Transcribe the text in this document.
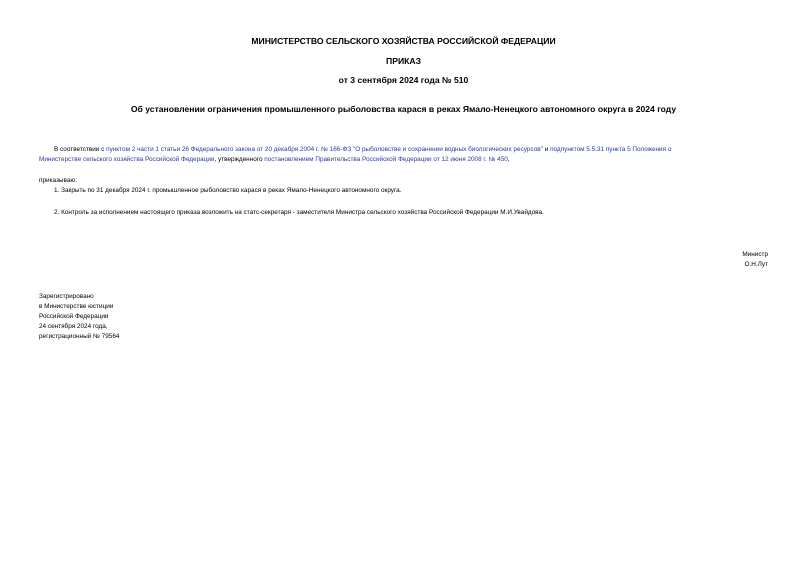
МИНИСТЕРСТВО СЕЛЬСКОГО ХОЗЯЙСТВА РОССИЙСКОЙ ФЕДЕРАЦИИ
ПРИКАЗ
от 3 сентября 2024 года № 510
Об установлении ограничения промышленного рыболовства карася в реках Ямало-Ненецкого автономного округа в 2024 году
В соответствии с пунктом 2 части 1 статьи 26 Федерального закона от 20 декабря 2004 г. № 166-ФЗ "О рыболовстве и сохранении водных биологических ресурсов" и подпунктом 5.5.31 пункта 5 Положения о
Министерстве сельского хозяйства Российской Федерации, утвержденного постановлением Правительства Российской Федерации от 12 июня 2008 г. № 450,
приказываю:
1. Закрыть по 31 декабря 2024 г. промышленное рыболовство карася в реках Ямало-Ненецкого автономного округа.
2. Контроль за исполнением настоящего приказа возложить на статс-секретаря - заместителя Министра сельского хозяйства Российской Федерации М.И.Увайдова.
Министр
О.Н.Лут
Зарегистрировано
в Министерстве юстиции
Российской Федерации
24 сентября 2024 года,
регистрационный № 79564
